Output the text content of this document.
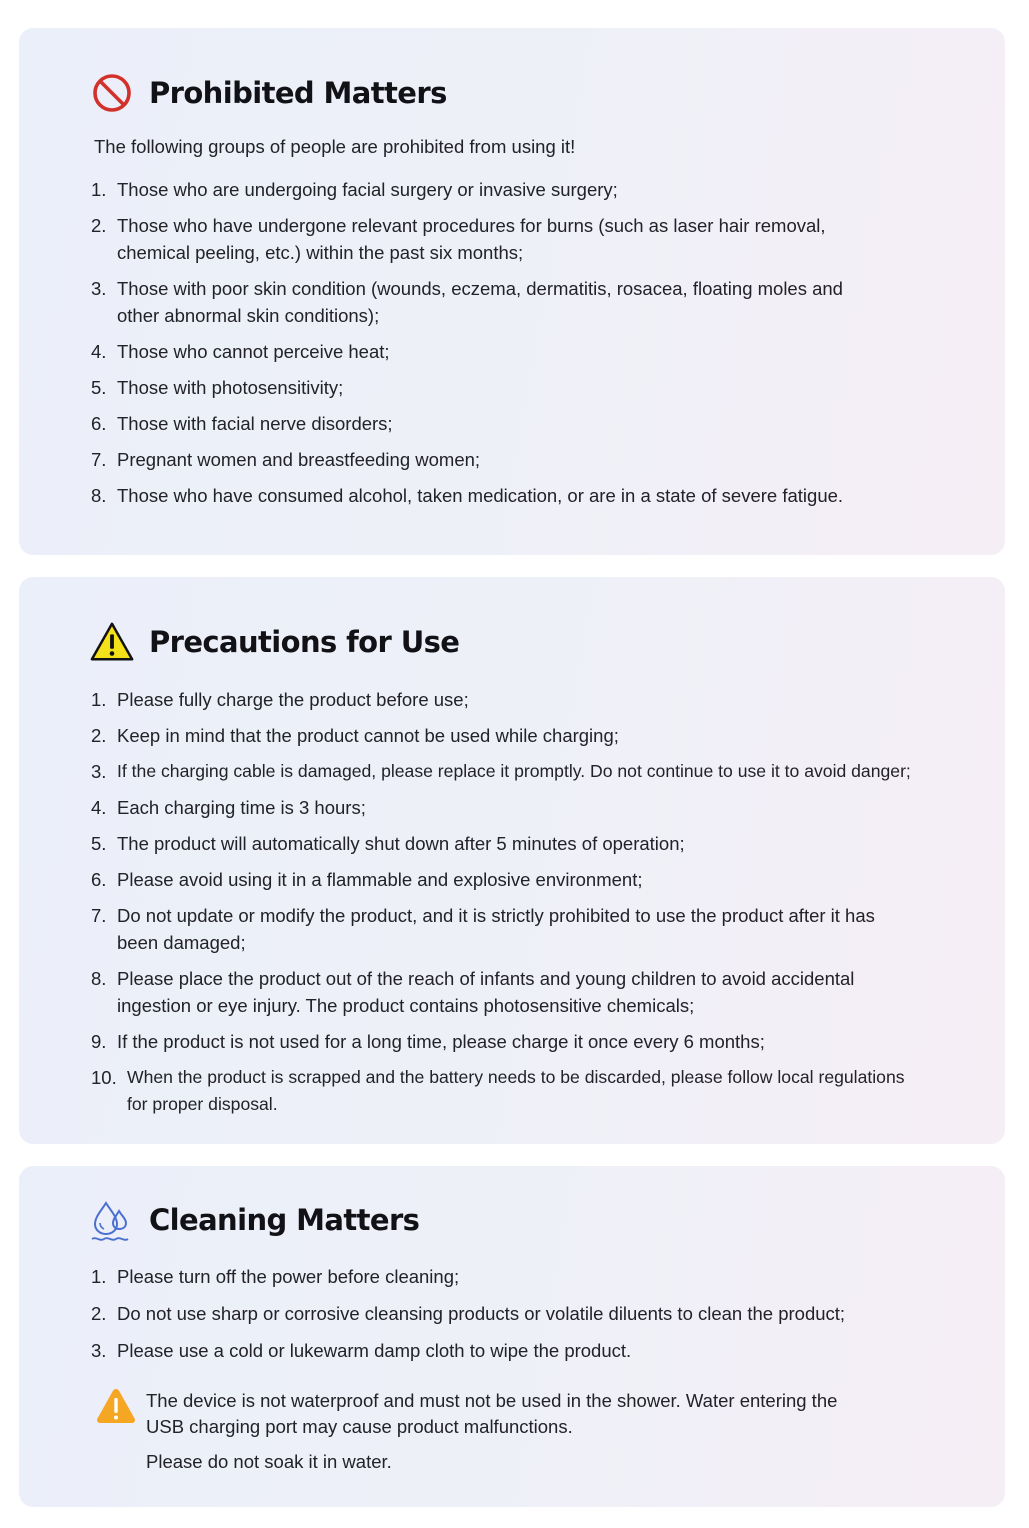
Prohibited Matters
The following groups of people are prohibited from using it!
1. Those who are undergoing facial surgery or invasive surgery;
2. Those who have undergone relevant procedures for burns (such as laser hair removal, chemical peeling, etc.) within the past six months;
3. Those with poor skin condition (wounds, eczema, dermatitis, rosacea, floating moles and other abnormal skin conditions);
4. Those who cannot perceive heat;
5. Those with photosensitivity;
6. Those with facial nerve disorders;
7. Pregnant women and breastfeeding women;
8. Those who have consumed alcohol, taken medication, or are in a state of severe fatigue.
Precautions for Use
1. Please fully charge the product before use;
2. Keep in mind that the product cannot be used while charging;
3. If the charging cable is damaged, please replace it promptly. Do not continue to use it to avoid danger;
4. Each charging time is 3 hours;
5. The product will automatically shut down after 5 minutes of operation;
6. Please avoid using it in a flammable and explosive environment;
7. Do not update or modify the product, and it is strictly prohibited to use the product after it has been damaged;
8. Please place the product out of the reach of infants and young children to avoid accidental ingestion or eye injury. The product contains photosensitive chemicals;
9. If the product is not used for a long time, please charge it once every 6 months;
10. When the product is scrapped and the battery needs to be discarded, please follow local regulations for proper disposal.
Cleaning Matters
1. Please turn off the power before cleaning;
2. Do not use sharp or corrosive cleansing products or volatile diluents to clean the product;
3. Please use a cold or lukewarm damp cloth to wipe the product.

The device is not waterproof and must not be used in the shower. Water entering the USB charging port may cause product malfunctions.

Please do not soak it in water.
